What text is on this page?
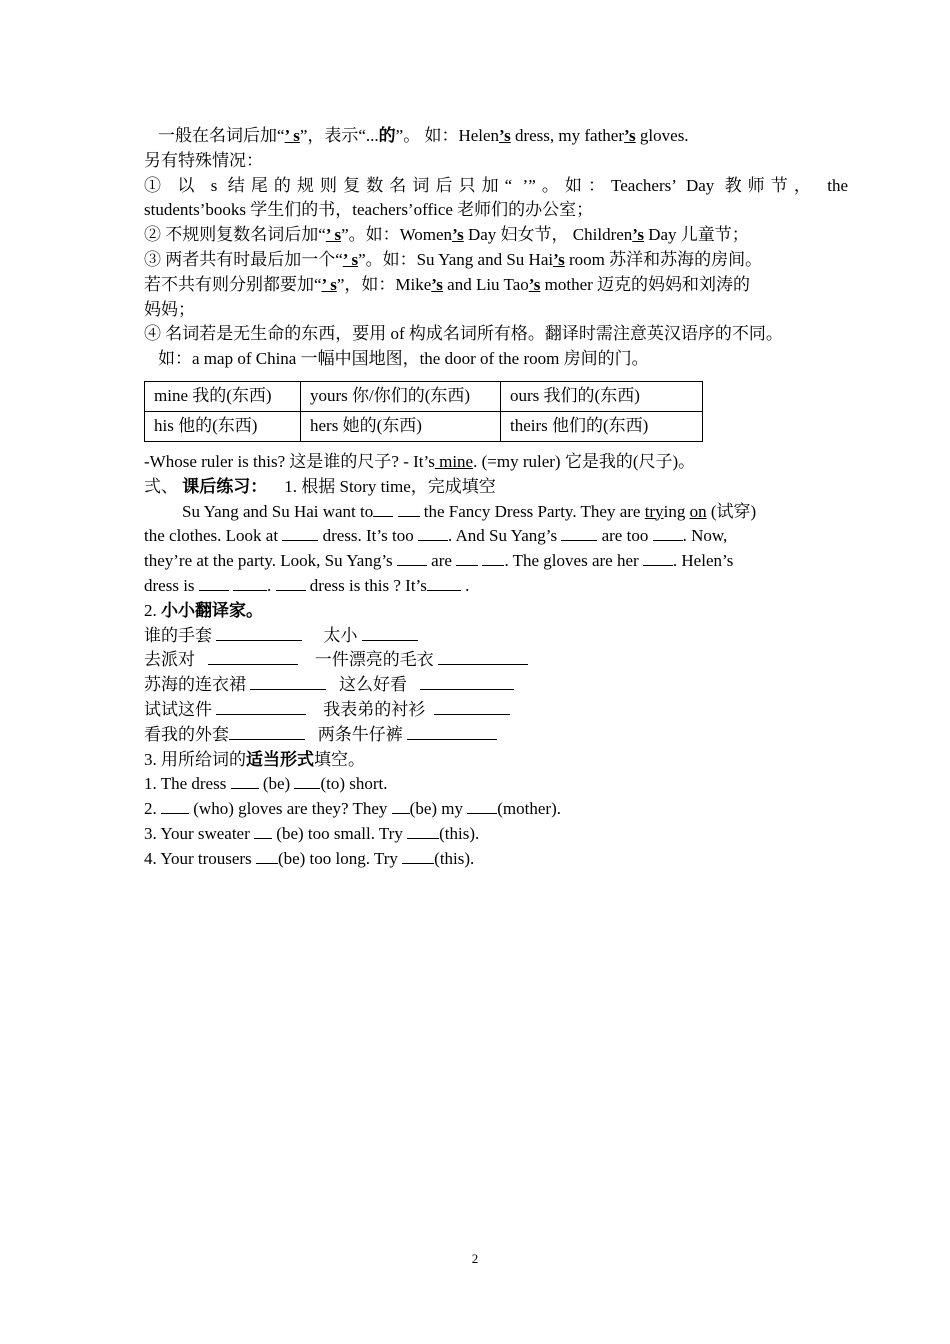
一般在名词后加“’ s”，表示“...的”。 如：Helen’s dress, my father’s gloves.
另有特殊情况：
① 以 s 结尾的规则复数名词后只加“ ’”。如：Teachers’ Day 教师节， the
students’books 学生们的书，teachers’office 老师们的办公室；
② 不规则复数名词后加“’ s”。如：Women’s Day 妇女节， Children’s Day 儿童节；
③ 两者共有时最后加一个“’ s”。如：Su Yang and Su Hai’s room 苏洋和苏海的房间。
若不共有则分别都要加“’ s”，如：Mike’s and Liu Tao’s mother 迈克的妈妈和刘涛的
妈妈；
④ 名词若是无生命的东西，要用 of 构成名词所有格。翻译时需注意英汉语序的不同。
如：a map of China 一幅中国地图，the door of the room 房间的门。
mine 我的(东西)	yours 你/你们的(东西)	ours 我们的(东西)
his 他的(东西)	hers 她的(东西)	theirs 他们的(东西)
-Whose ruler is this? 这是谁的尺子? - It’s mine. (=my ruler) 它是我的(尺子)。
弍、 课后练习： 1. 根据 Story time，完成填空
Su Yang and Su Hai want to	the Fancy Dress Party. They are trying on (试穿)
the clothes. Look at  dress. It’s too . And Su Yang’s  are too . Now,
they’re at the party. Look, Su Yang’s  are	. The gloves are her . Helen’s
dress is	.  dress is this ? It’s .
2. 小小翻译家。
谁的手套	太小
去派对	一件漂亮的毛衣
苏海的连衣裙	这么好看
试试这件	我表弟的衬衫
看我的外套	两条牛仔裤
3. 用所给词的适当形式填空。
1. The dress  (be) (to) short.
2.  (who) gloves are they? They (be) my (mother).
3. Your sweater  (be) too small. Try (this).
4. Your trousers (be) too long. Try (this).
2
